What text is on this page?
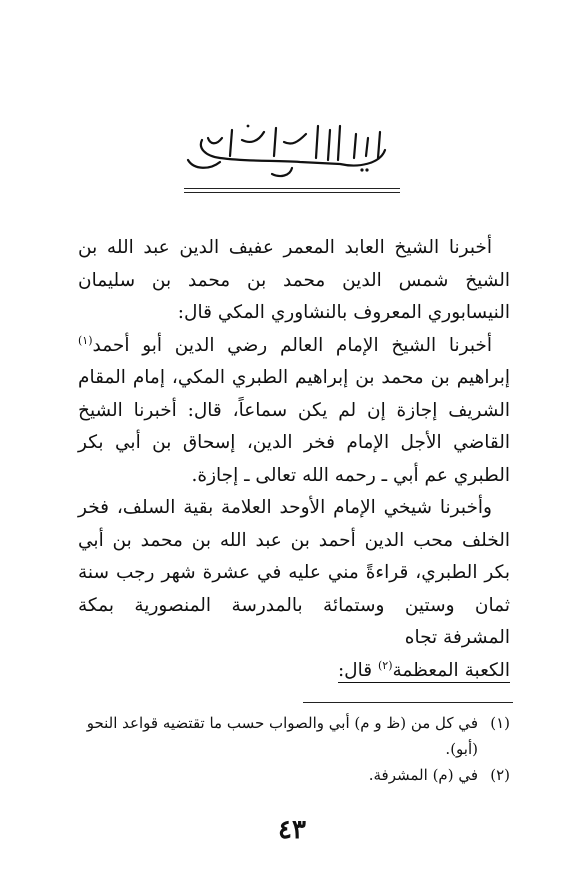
أخبرنا الشيخ العابد المعمر عفيف الدين عبد الله بن الشيخ شمس الدين محمد بن محمد بن سليمان النيسابوري المعروف بالنشاوري المكي قال:

أخبرنا الشيخ الإمام العالم رضي الدين أبو أحمد$^{(١)}$ إبراهيم بن محمد بن إبراهيم الطبري المكي، إمام المقام الشريف إجازة إن لم يكن سماعاً، قال: أخبرنا الشيخ القاضي الأجل الإمام فخر الدين، إسحاق بن أبي بكر الطبري عم أبي ـ رحمه الله تعالى ـ إجازة.

وأخبرنا شيخي الإمام الأوحد العلامة بقية السلف، فخر الخلف محب الدين أحمد بن عبد الله بن محمد بن أبي بكر الطبري، قراءةً مني عليه في عشرة شهر رجب سنة ثمان وستين وستمائة بالمدرسة المنصورية بمكة المشرفة تجاه

الكعبة المعظمة$^{(٢)}$ قال:

(١)
في كل من (ظ و م) أبي والصواب حسب ما تقتضيه قواعد النحو (أبو).
(٢)
في (م) المشرفة.
٤٣
